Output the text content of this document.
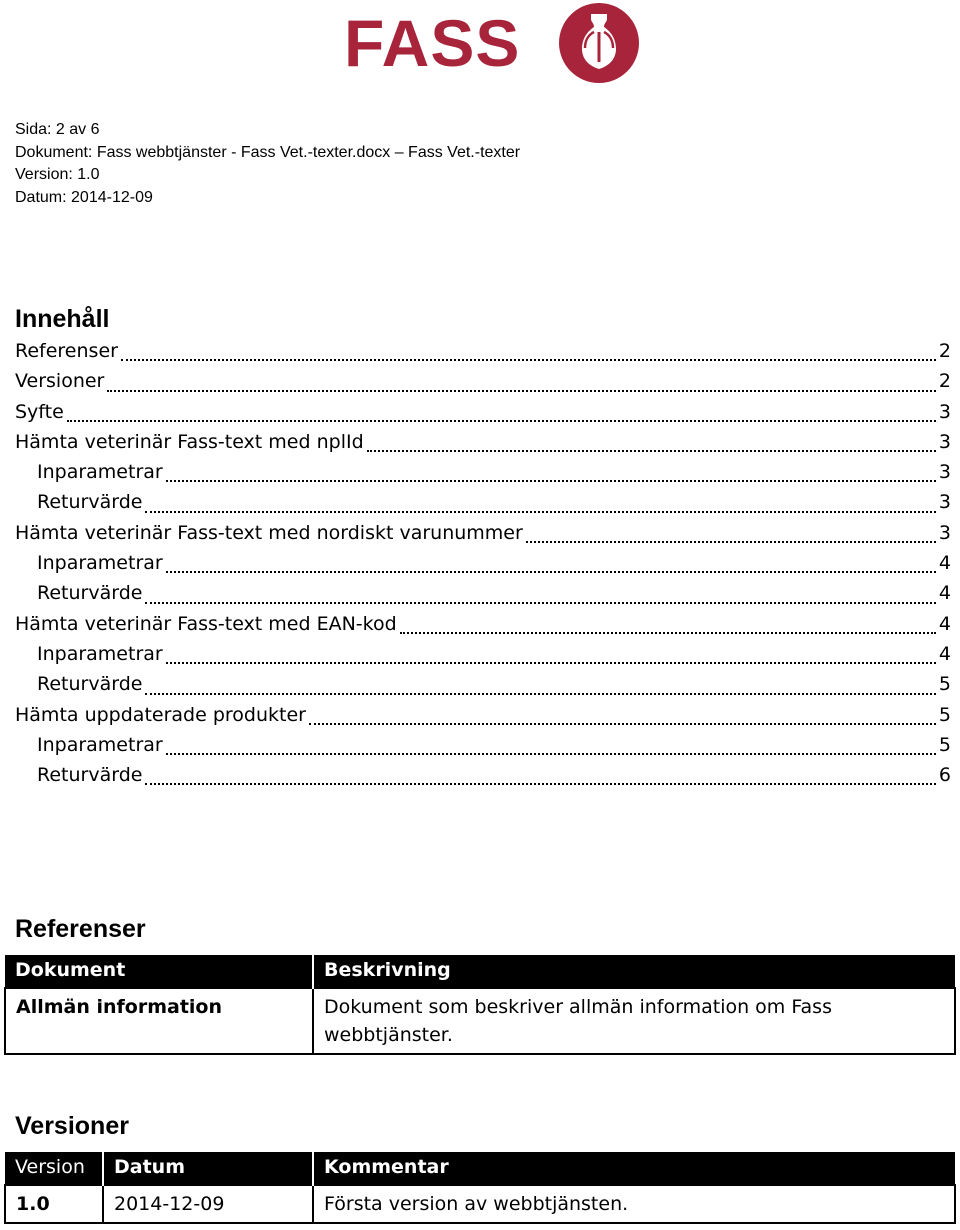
FASS
Sida: 2 av 6
Dokument: Fass webbtjänster - Fass Vet.-texter.docx – Fass Vet.-texter
Version: 1.0
Datum: 2014-12-09
Innehåll
Referenser	2
Versioner	2
Syfte	3
Hämta veterinär Fass-text med nplId	3
Inparametrar	3
Returvärde	3
Hämta veterinär Fass-text med nordiskt varunummer	3
Inparametrar	4
Returvärde	4
Hämta veterinär Fass-text med EAN-kod	4
Inparametrar	4
Returvärde	5
Hämta uppdaterade produkter	5
Inparametrar	5
Returvärde	6
Referenser
Dokument	Beskrivning
Allmän information	Dokument som beskriver allmän information om Fass webbtjänster.
Versioner
Version	Datum	Kommentar
1.0	2014-12-09	Första version av webbtjänsten.
